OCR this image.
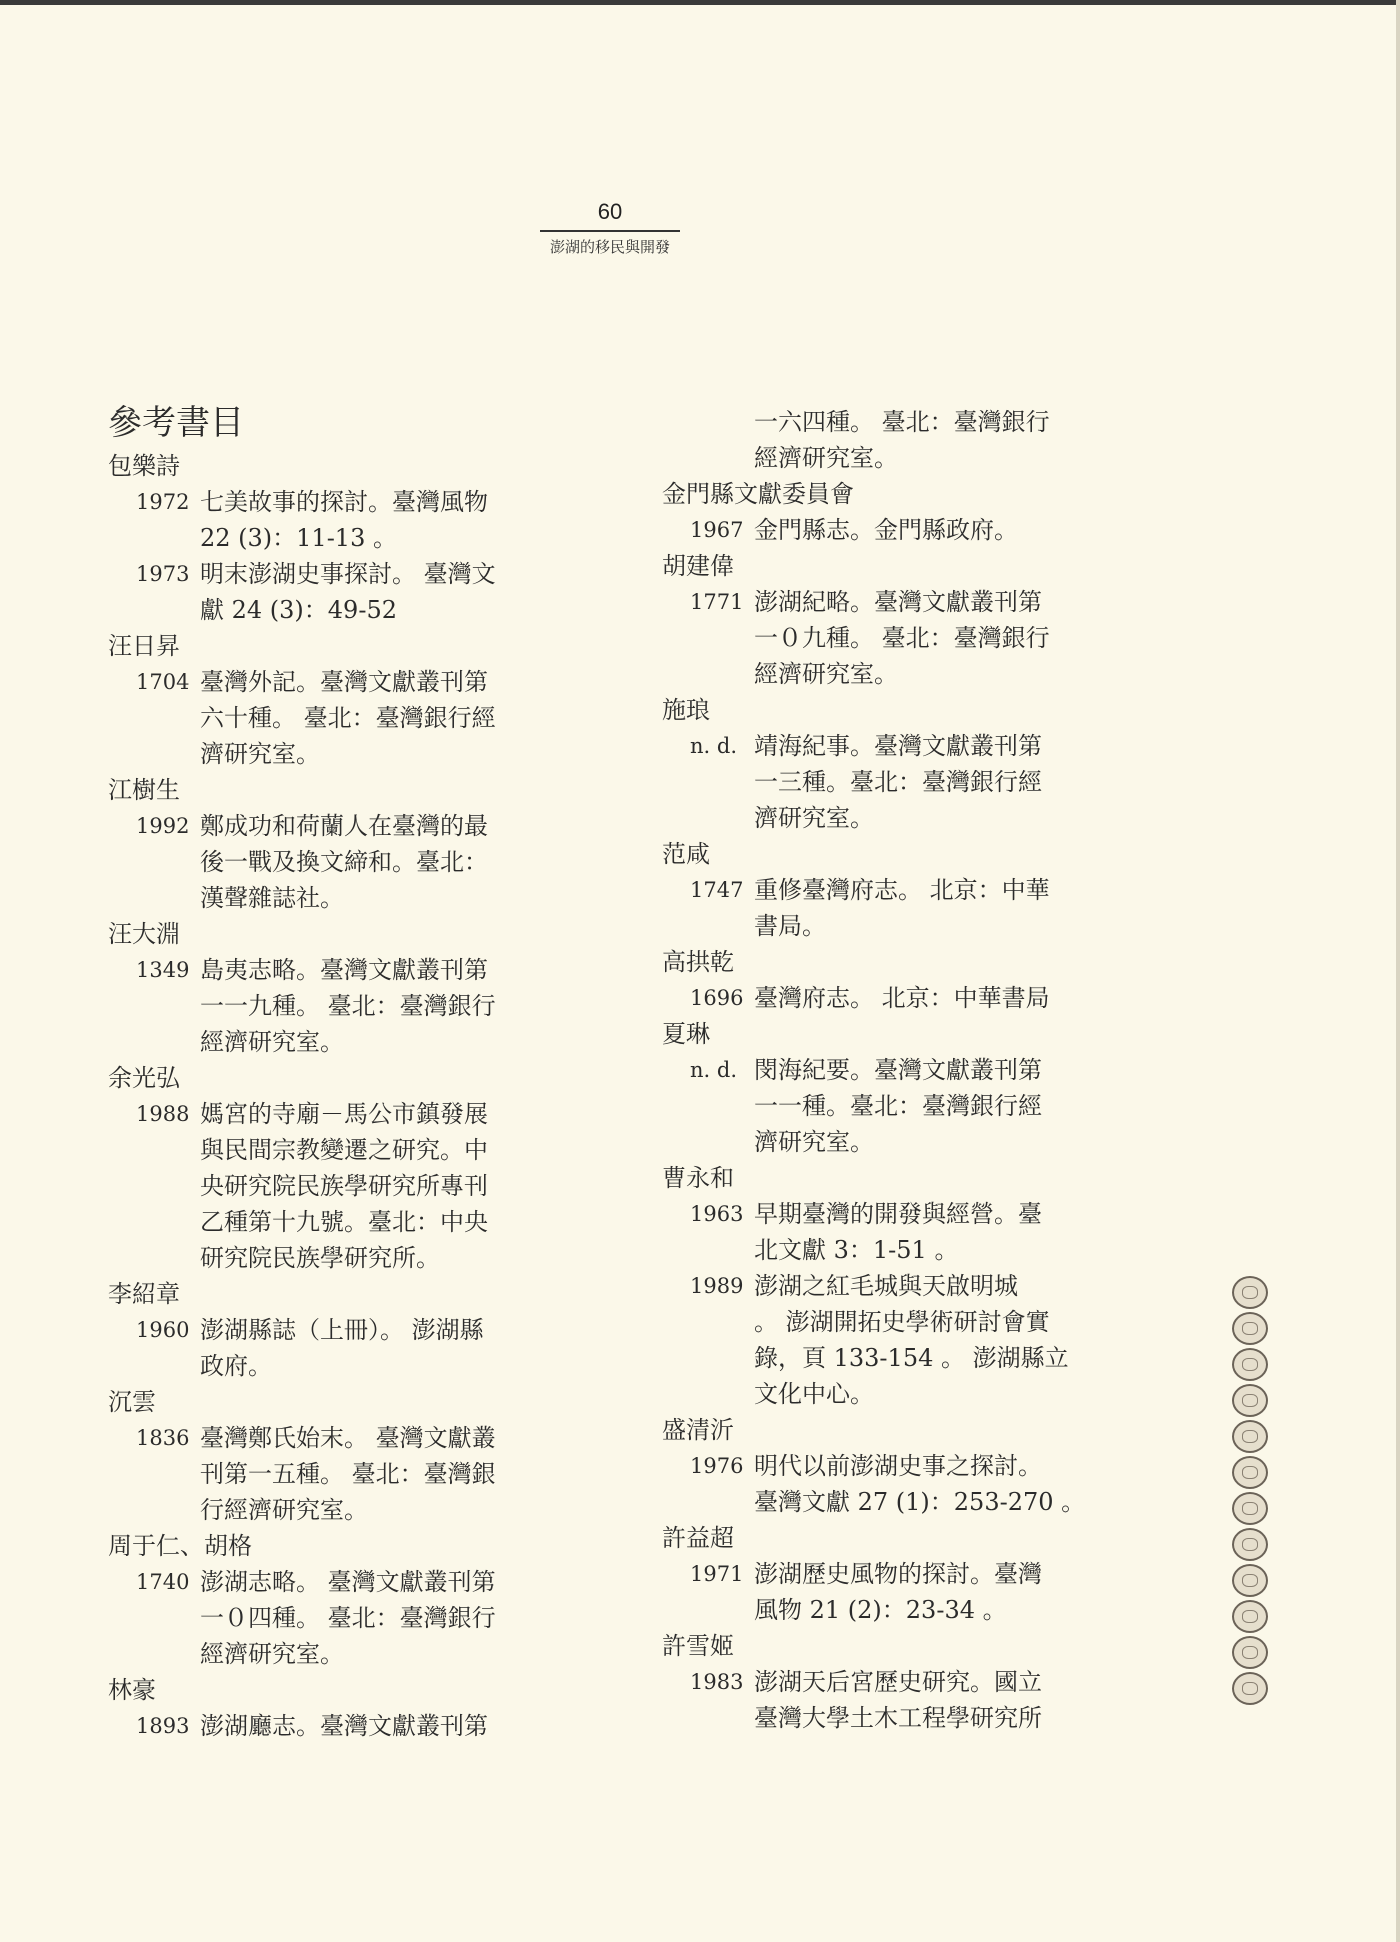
60
澎湖的移民與開發
參考書目
包樂詩
1972 七美故事的探討。臺灣風物
22 (3)：11-13 。
1973 明末澎湖史事探討。 臺灣文
獻 24 (3)：49-52
汪日昇
1704 臺灣外記。臺灣文獻叢刊第
六十種。 臺北：臺灣銀行經
濟研究室。
江樹生
1992 鄭成功和荷蘭人在臺灣的最
後一戰及換文締和。臺北：
漢聲雜誌社。
汪大淵
1349 島夷志略。臺灣文獻叢刊第
一一九種。 臺北：臺灣銀行
經濟研究室。
余光弘
1988 媽宮的寺廟－馬公市鎮發展
與民間宗教變遷之研究。中
央研究院民族學研究所專刊
乙種第十九號。臺北：中央
研究院民族學研究所。
李紹章
1960 澎湖縣誌（上冊）。 澎湖縣
政府。
沉雲
1836 臺灣鄭氏始末。 臺灣文獻叢
刊第一五種。 臺北：臺灣銀
行經濟研究室。
周于仁、胡格
1740 澎湖志略。 臺灣文獻叢刊第
一０四種。 臺北：臺灣銀行
經濟研究室。
林豪
1893 澎湖廳志。臺灣文獻叢刊第
一六四種。 臺北：臺灣銀行
經濟研究室。
金門縣文獻委員會
1967 金門縣志。金門縣政府。
胡建偉
1771 澎湖紀略。臺灣文獻叢刊第
一０九種。 臺北：臺灣銀行
經濟研究室。
施琅
n. d. 靖海紀事。臺灣文獻叢刊第
一三種。臺北：臺灣銀行經
濟研究室。
范咸
1747 重修臺灣府志。 北京：中華
書局。
高拱乾
1696 臺灣府志。 北京：中華書局
夏琳
n. d. 閔海紀要。臺灣文獻叢刊第
一一種。臺北：臺灣銀行經
濟研究室。
曹永和
1963 早期臺灣的開發與經營。臺
北文獻 3：1-51 。
1989 澎湖之紅毛城與天啟明城
。 澎湖開拓史學術研討會實
錄，頁 133-154 。 澎湖縣立
文化中心。
盛清沂
1976 明代以前澎湖史事之探討。
臺灣文獻 27 (1)：253-270 。
許益超
1971 澎湖歷史風物的探討。臺灣
風物 21 (2)：23-34 。
許雪姬
1983 澎湖天后宮歷史研究。國立
臺灣大學土木工程學研究所
